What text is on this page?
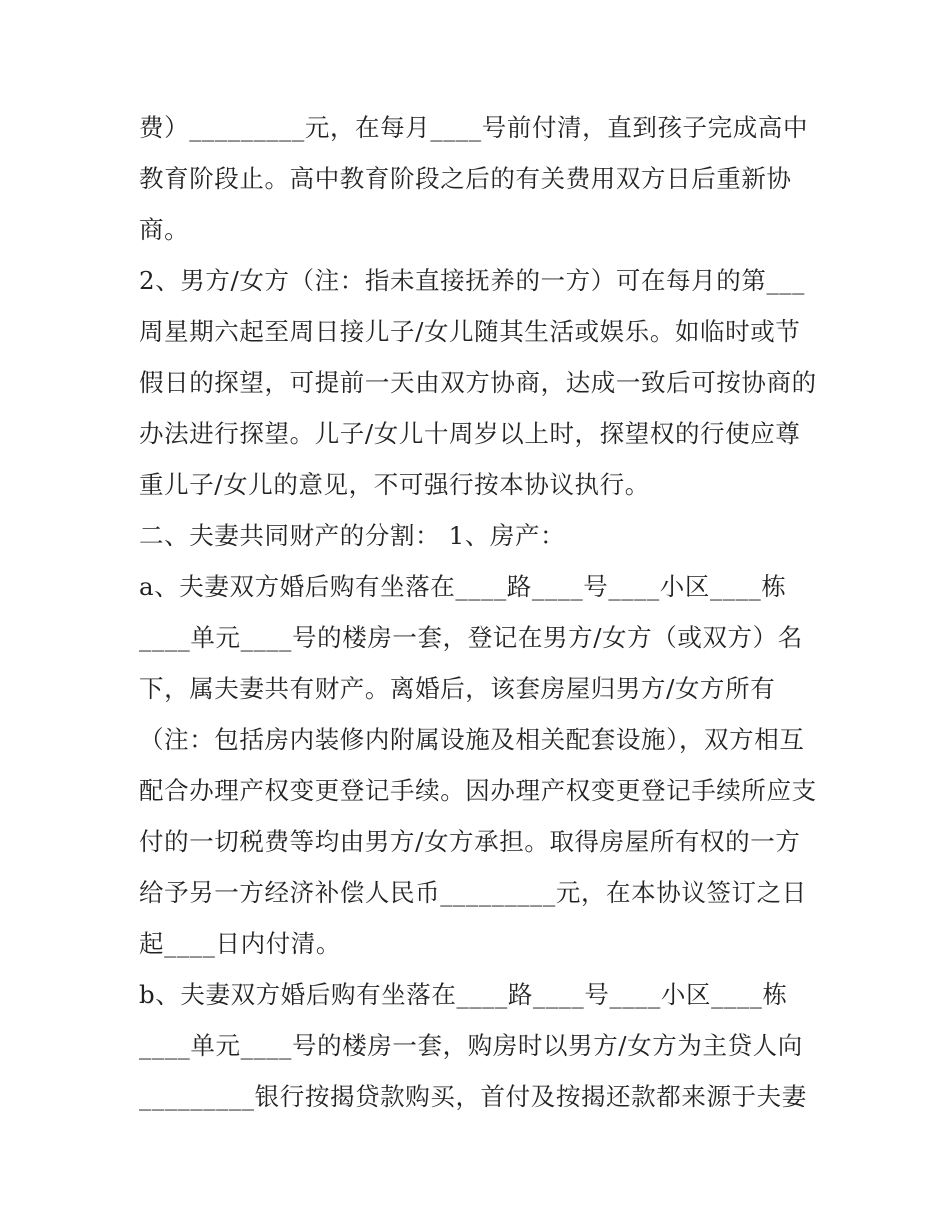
费）_________元，在每月____号前付清，直到孩子完成高中
教育阶段止。高中教育阶段之后的有关费用双方日后重新协
商。
2、男方/女方（注：指未直接抚养的一方）可在每月的第___
周星期六起至周日接儿子/女儿随其生活或娱乐。如临时或节
假日的探望，可提前一天由双方协商，达成一致后可按协商的
办法进行探望。儿子/女儿十周岁以上时，探望权的行使应尊
重儿子/女儿的意见，不可强行按本协议执行。
二、夫妻共同财产的分割： 1、房产：
a、夫妻双方婚后购有坐落在____路____号____小区____栋
____单元____号的楼房一套，登记在男方/女方（或双方）名
下，属夫妻共有财产。离婚后，该套房屋归男方/女方所有
（注：包括房内装修内附属设施及相关配套设施），双方相互
配合办理产权变更登记手续。因办理产权变更登记手续所应支
付的一切税费等均由男方/女方承担。取得房屋所有权的一方
给予另一方经济补偿人民币_________元，在本协议签订之日
起____日内付清。
b、夫妻双方婚后购有坐落在____路____号____小区____栋
____单元____号的楼房一套，购房时以男方/女方为主贷人向
_________银行按揭贷款购买，首付及按揭还款都来源于夫妻
